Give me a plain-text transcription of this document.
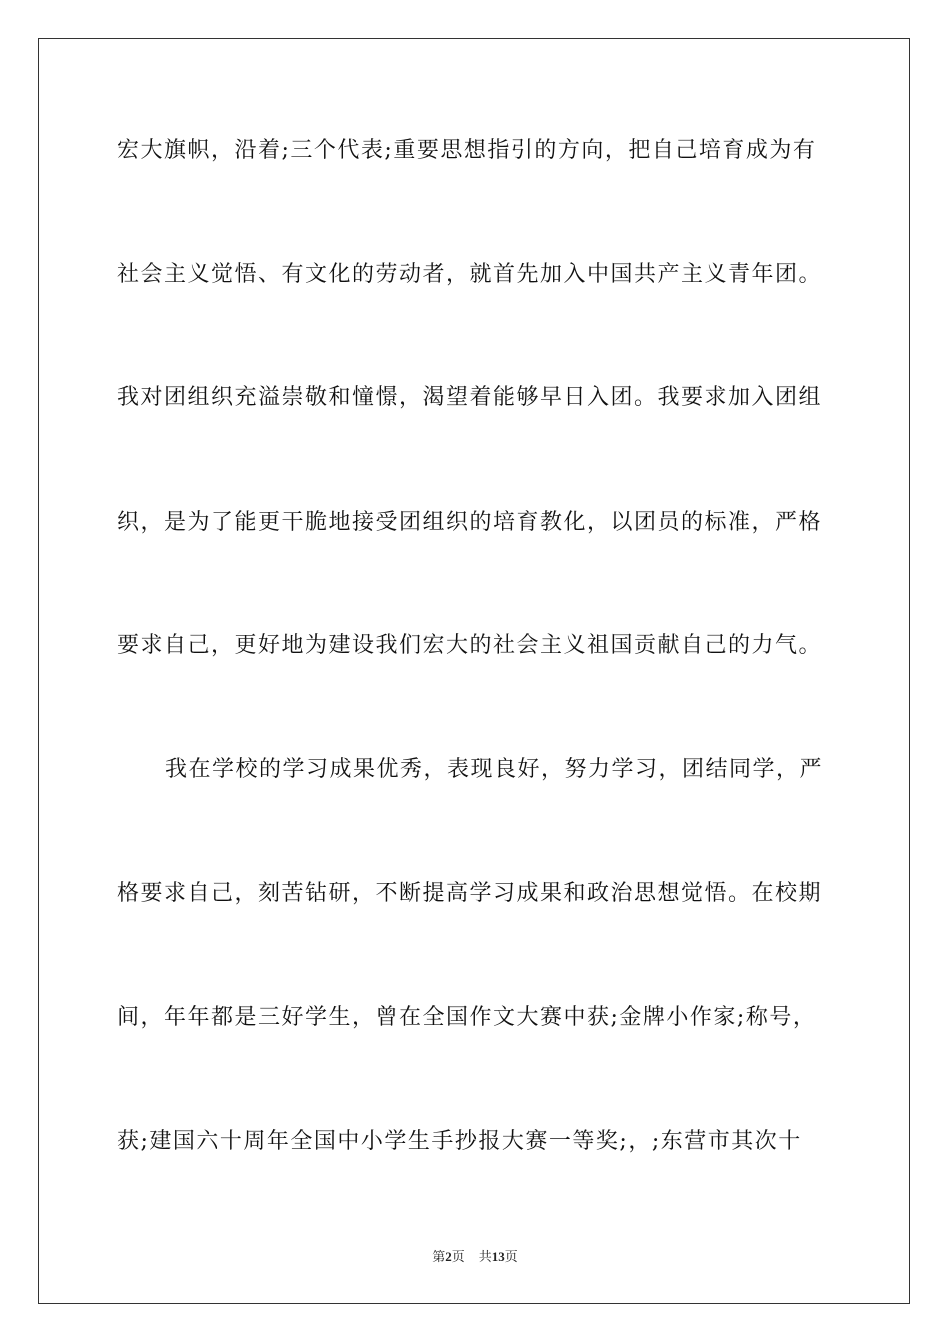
宏大旗帜，沿着;三个代表;重要思想指引的方向，把自己培育成为有
社会主义觉悟、有文化的劳动者，就首先加入中国共产主义青年团。
我对团组织充溢崇敬和憧憬，渴望着能够早日入团。我要求加入团组
织，是为了能更干脆地接受团组织的培育教化，以团员的标准，严格
要求自己，更好地为建设我们宏大的社会主义祖国贡献自己的力气。
我在学校的学习成果优秀，表现良好，努力学习，团结同学，严
格要求自己，刻苦钻研，不断提高学习成果和政治思想觉悟。在校期
间，年年都是三好学生，曾在全国作文大赛中获;金牌小作家;称号，
获;建国六十周年全国中小学生手抄报大赛一等奖;，;东营市其次十
第2页 共13页
